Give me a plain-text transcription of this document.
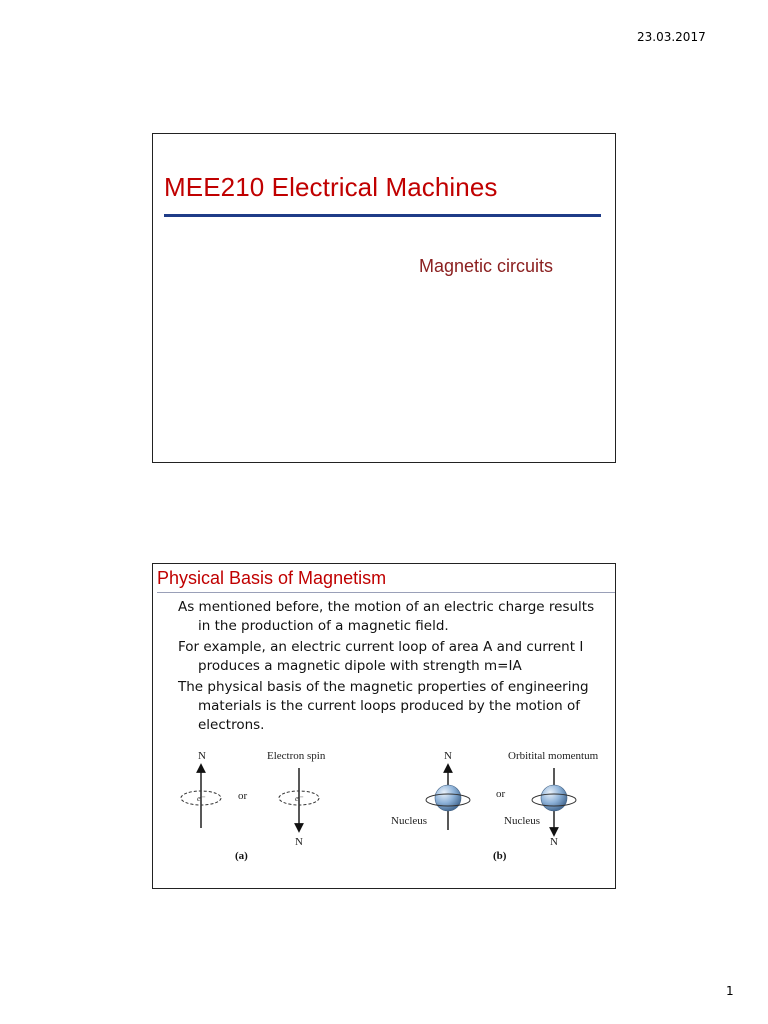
23.03.2017
MEE210 Electrical Machines
Magnetic circuits
Physical Basis of Magnetism
As mentioned before, the motion of an electric charge results in the production of a magnetic field.
For example, an electric current loop of area A and current I produces a magnetic dipole with strength m=IA
The physical basis of the magnetic properties of engineering materials is the current loops produced by the motion of electrons.
N
e⁻	or
Electron spin
e⁻
N
(a)
N
Nucleus
or
Orbitital momentum
Nucleus
N
(b)
1
